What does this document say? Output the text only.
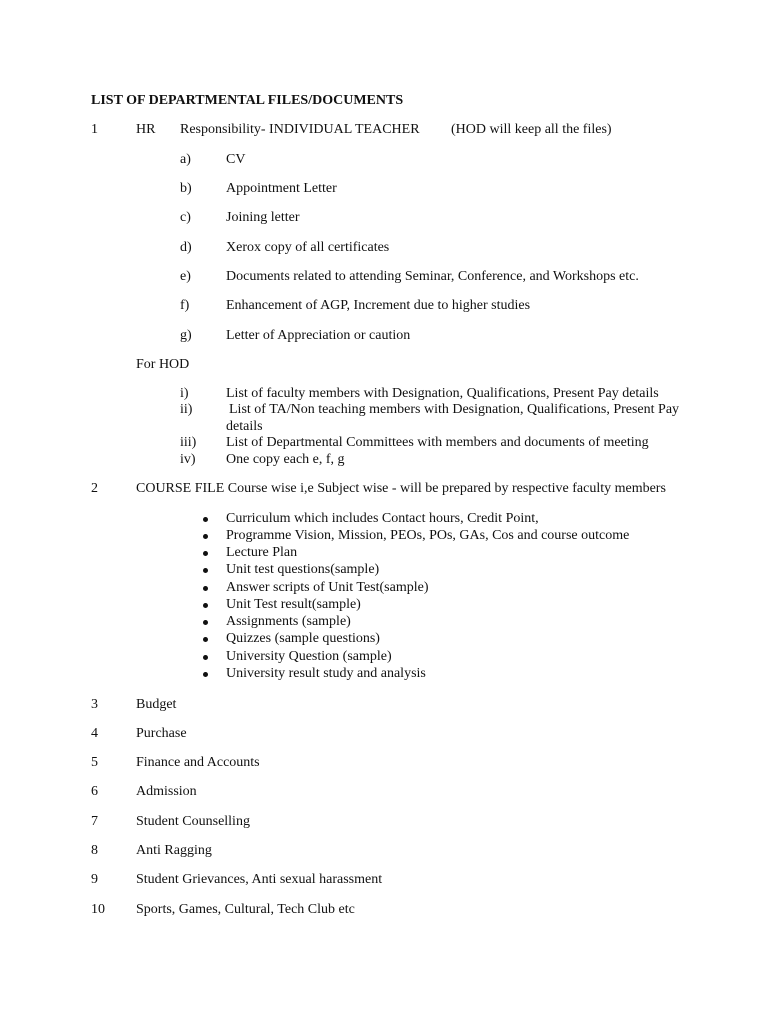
LIST OF DEPARTMENTAL FILES/DOCUMENTS
1	HR Responsibility- INDIVIDUAL TEACHER (HOD will keep all the files)
a)	CV
b) Appointment Letter
c)	Joining letter
d) Xerox copy of all certificates
e)	Documents related to attending Seminar, Conference, and Workshops etc.
f)	Enhancement of AGP, Increment due to higher studies
g) Letter of Appreciation or caution
For HOD
i)	List of faculty members with Designation, Qualifications, Present Pay details
ii)	List of TA/Non teaching members with Designation, Qualifications, Present Pay
details
iii) List of Departmental Committees with members and documents of meeting
iv) One copy each e, f, g
2	COURSE FILE Course wise i,e Subject wise - will be prepared by respective faculty members
Curriculum which includes Contact hours, Credit Point,
Programme Vision, Mission, PEOs, POs, GAs, Cos and course outcome
Lecture Plan
Unit test questions(sample)
Answer scripts of Unit Test(sample)
Unit Test result(sample)
Assignments (sample)
Quizzes (sample questions)
University Question (sample)
University result study and analysis
3	Budget
4	Purchase
5	Finance and Accounts
6	Admission
7	Student Counselling
8	Anti Ragging
9	Student Grievances, Anti sexual harassment
10 Sports, Games, Cultural, Tech Club etc
